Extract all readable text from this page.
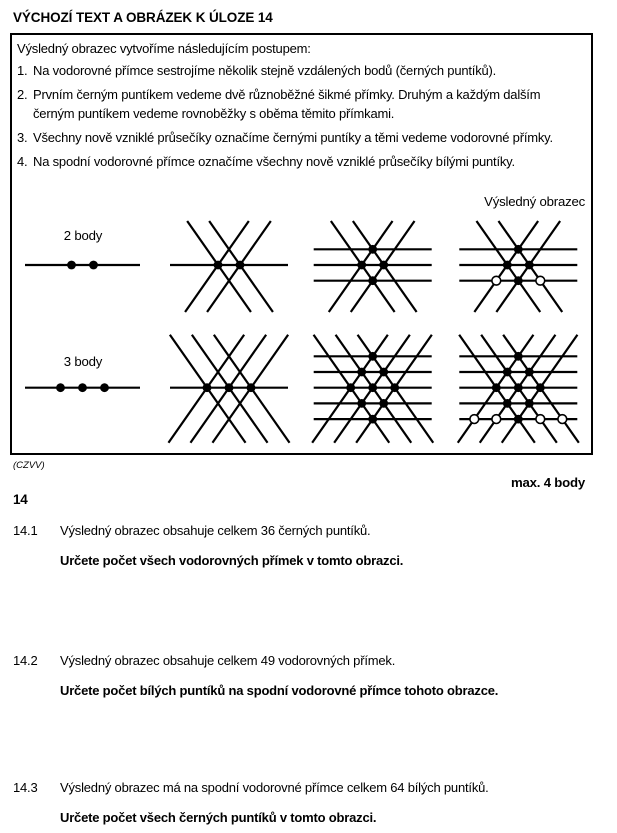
VÝCHOZÍ TEXT A OBRÁZEK K ÚLOZE 14

Výsledný obrazec vytvoříme následujícím postupem:

1. Na vodorovné přímce sestrojíme několik stejně vzdálených bodů (černých puntíků).
2. Prvním černým puntíkem vedeme dvě různoběžné šikmé přímky. Druhým a každým dalším
černým puntíkem vedeme rovnoběžky s oběma těmito přímkami.
3. Všechny nově vzniklé průsečíky označíme černými puntíky a těmi vedeme vodorovné přímky.
4. Na spodní vodorovné přímce označíme všechny nově vzniklé průsečíky bílými puntíky.
Výsledný obrazec
2 body
3 body
(CZVV)
max. 4 body
14
14.1	Výsledný obrazec obsahuje celkem 36 černých puntíků.
Určete počet všech vodorovných přímek v tomto obrazci.
14.2	Výsledný obrazec obsahuje celkem 49 vodorovných přímek.
Určete počet bílých puntíků na spodní vodorovné přímce tohoto obrazce.
14.3	Výsledný obrazec má na spodní vodorovné přímce celkem 64 bílých puntíků.
Určete počet všech černých puntíků v tomto obrazci.
